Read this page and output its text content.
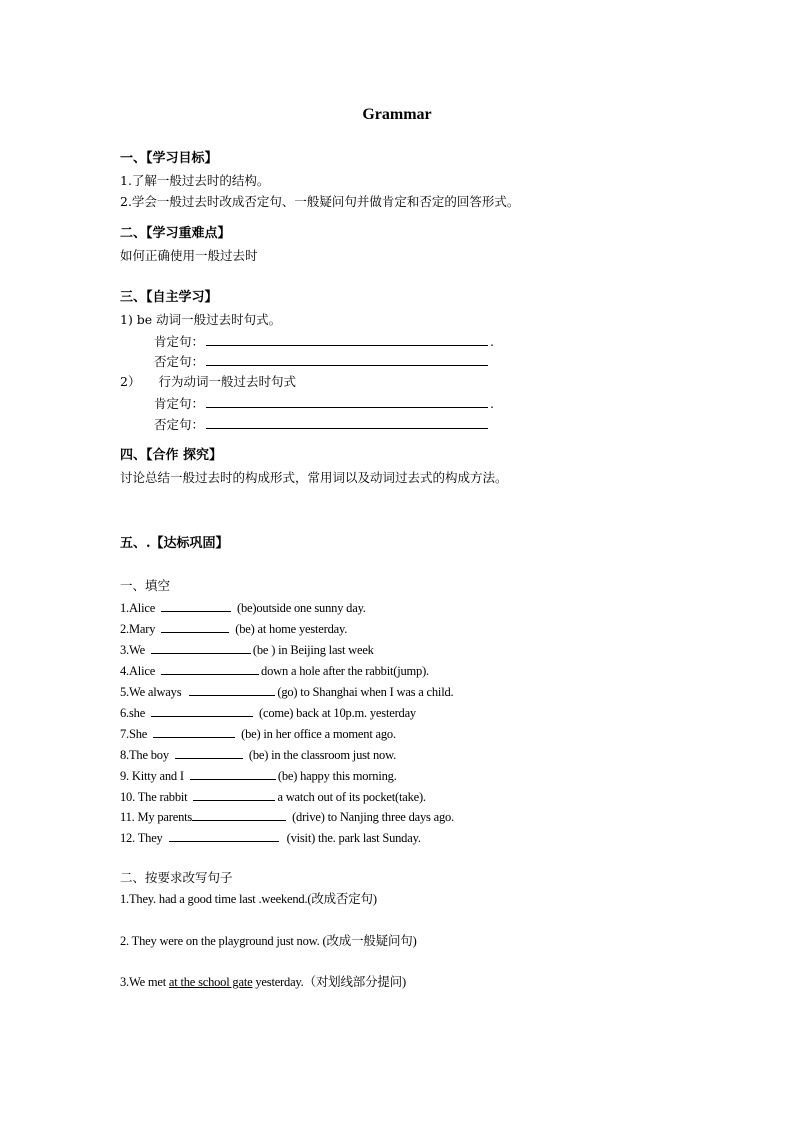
Grammar
一、【学习目标】
1.了解一般过去时的结构。
2.学会一般过去时改成否定句、一般疑问句并做肯定和否定的回答形式。
二、【学习重难点】
如何正确使用一般过去时
三、【自主学习】
1) be 动词一般过去时句式。
肯定句：	.
否定句：
2） 行为动词一般过去时句式
肯定句：	.
否定句：
四、【合作 探究】
讨论总结一般过去时的构成形式，常用词以及动词过去式的构成方法。
五、.【达标巩固】
一、填空
1.Alice	(be)outside one sunny day.
2.Mary	(be) at home yesterday.
3.We	(be ) in Beijing last week
4.Alice	down a hole after the rabbit(jump).
5.We always	(go) to Shanghai when I was a child.
6.she	(come) back at 10p.m. yesterday
7.She	(be) in her office a moment ago.
8.The boy	(be) in the classroom just now.
9. Kitty and I	(be) happy this morning.
10. The rabbit	a watch out of its pocket(take).
11. My parents	(drive) to Nanjing three days ago.
12. They	(visit) the. park last Sunday.
二、按要求改写句子
1.They. had a good time last .weekend.(改成否定句)
2. They were on the playground just now. (改成一般疑问句)
3.We met at the school gate yesterday.（对划线部分提问)
